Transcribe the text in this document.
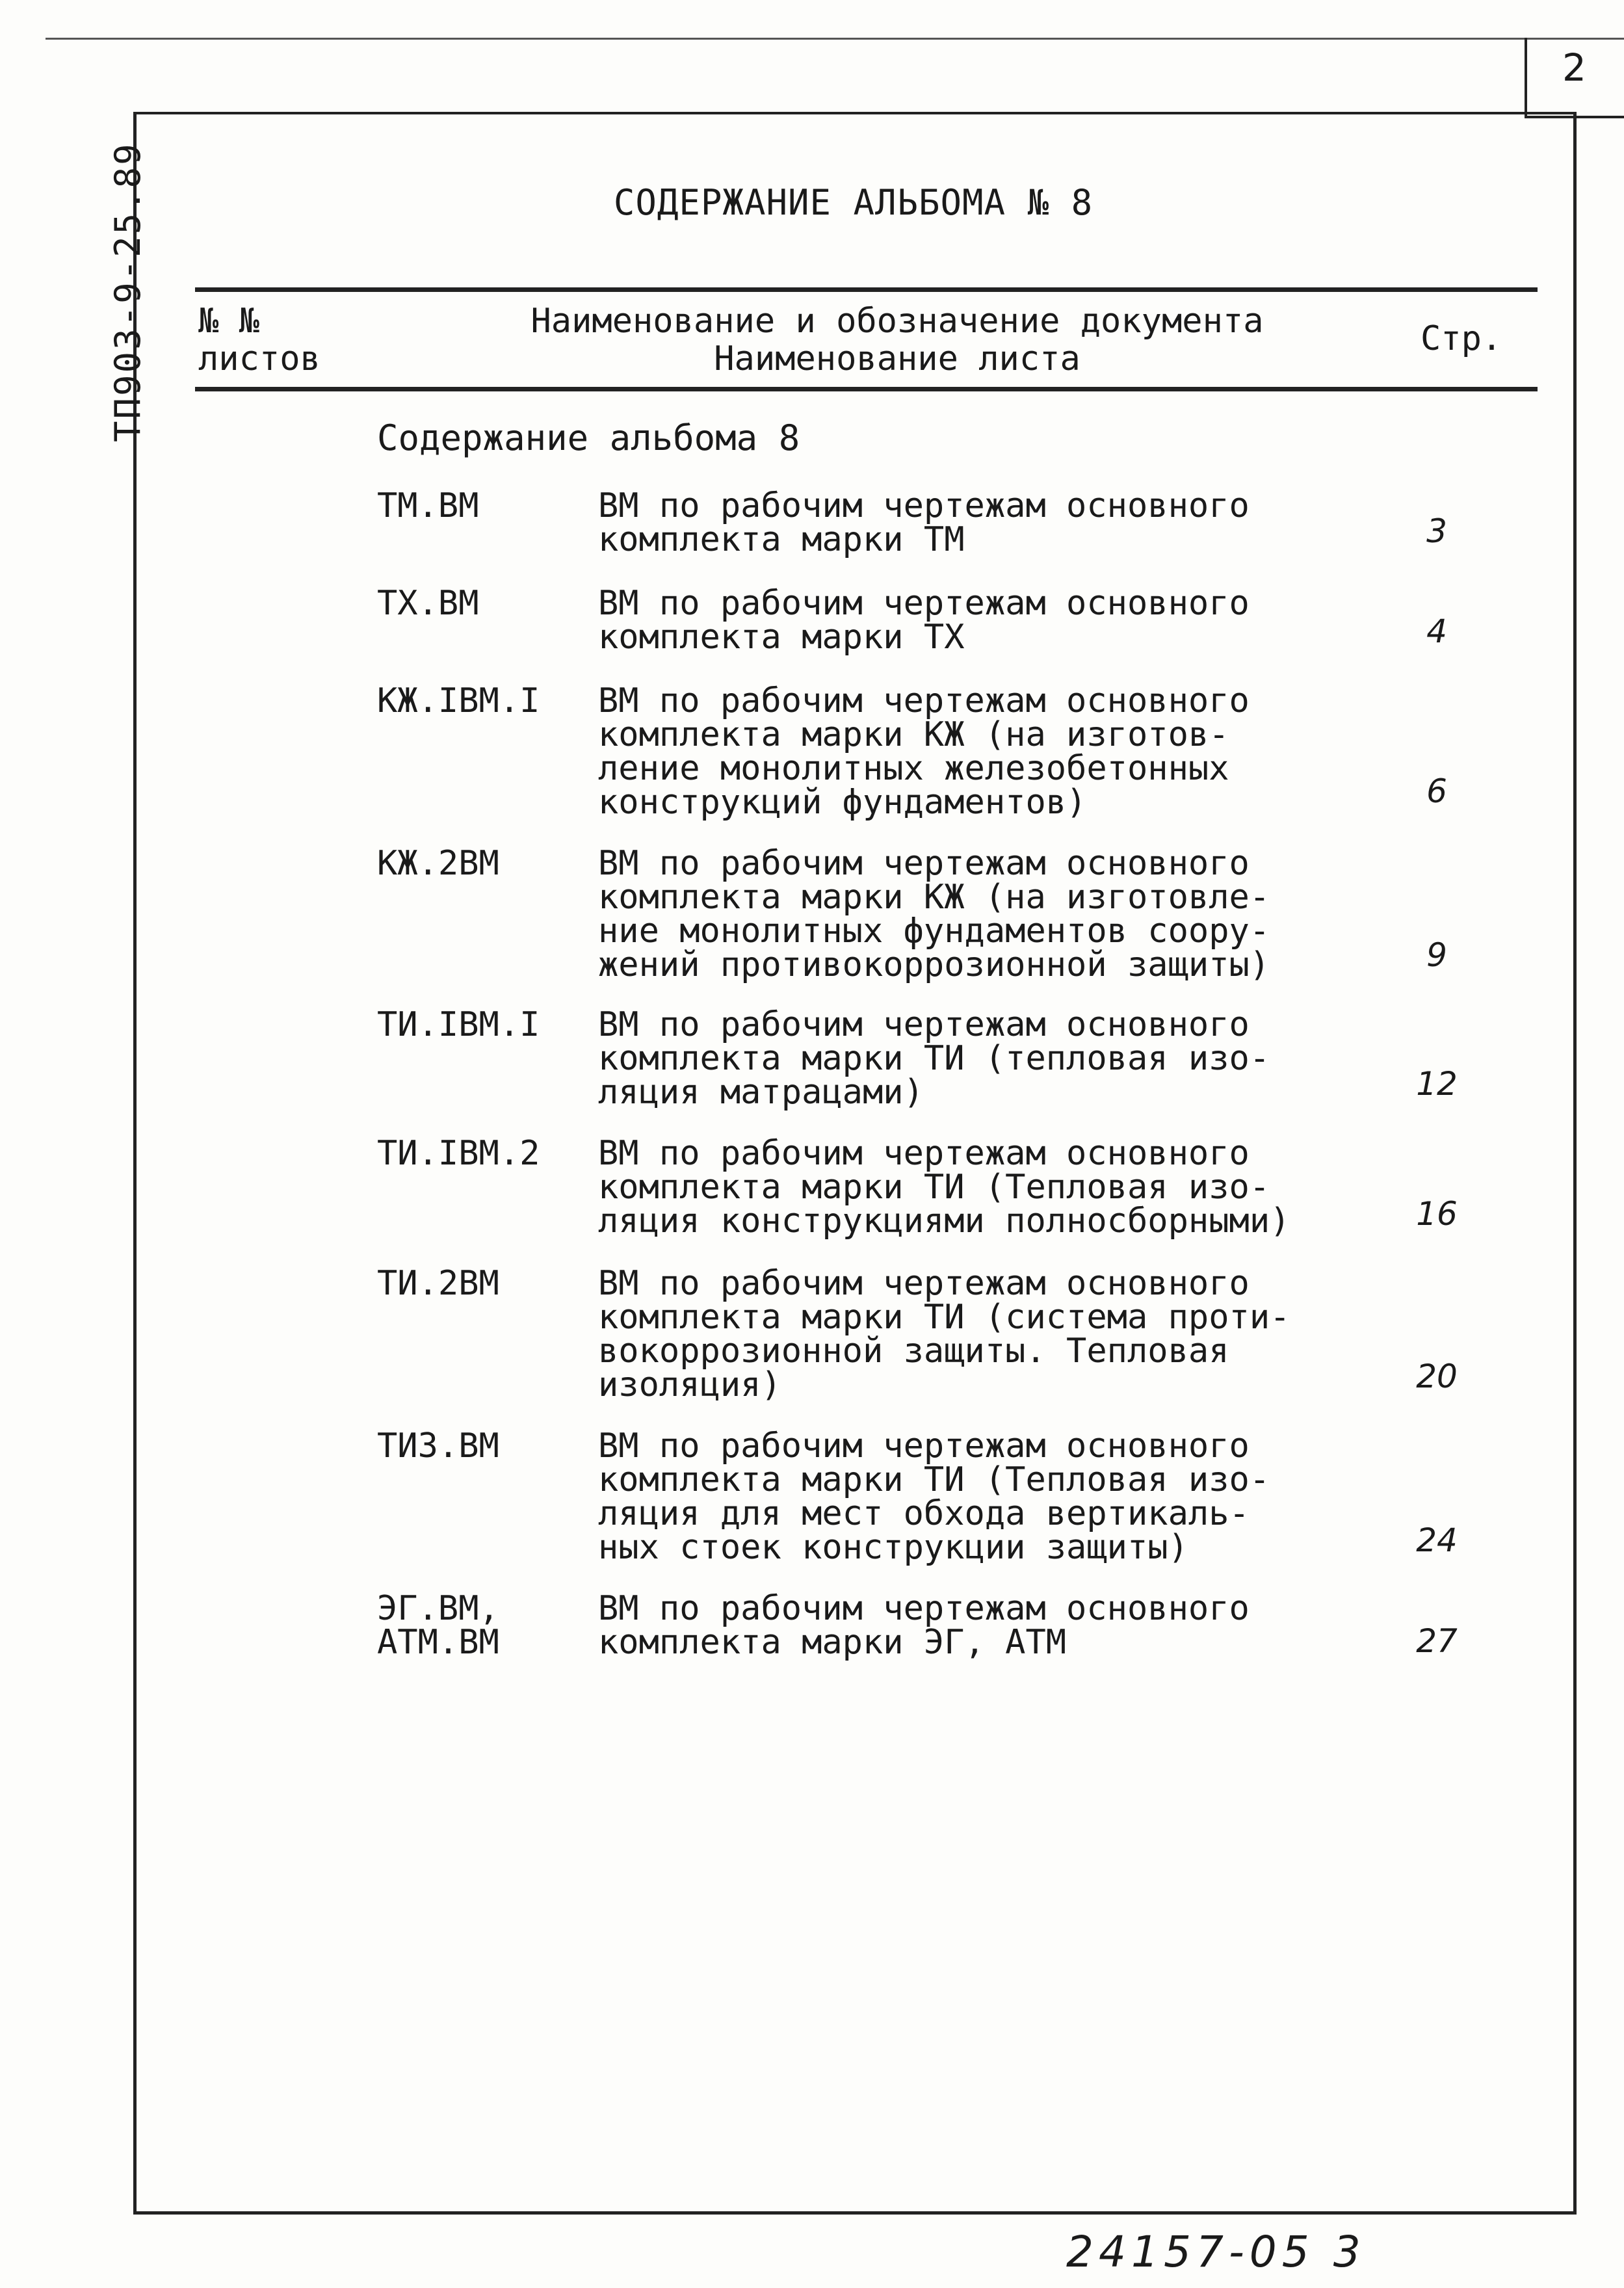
2
ТП903-9-25.89	СОДЕРЖАНИЕ АЛЬБОМА № 8
№ №
листов
Наименование и обозначение документа
Наименование листа
Стр.
Содержание альбома 8
ТМ.ВМ	ВМ по рабочим чертежам основного
комплекта марки ТМ	3
ТХ.ВМ	ВМ по рабочим чертежам основного
комплекта марки ТХ	4
КЖ.IВМ.I ВМ по рабочим чертежам основного
комплекта марки КЖ (на изготов-
ление монолитных железобетонных
конструкций фундаментов)	6
КЖ.2ВМ	ВМ по рабочим чертежам основного
комплекта марки КЖ (на изготовле-
ние монолитных фундаментов соору-
жений противокоррозионной защиты)	9
ТИ.IВМ.I ВМ по рабочим чертежам основного
комплекта марки ТИ (тепловая изо-
ляция матрацами)	12
ТИ.IВМ.2 ВМ по рабочим чертежам основного
комплекта марки ТИ (Тепловая изо-
ляция конструкциями полносборными)	16
ТИ.2ВМ	ВМ по рабочим чертежам основного
комплекта марки ТИ (система проти-
вокоррозионной защиты. Тепловая
изоляция)	20
ТИЗ.ВМ	ВМ по рабочим чертежам основного
комплекта марки ТИ (Тепловая изо-
ляция для мест обхода вертикаль-
ных стоек конструкции защиты)	24
ЭГ.ВМ,
АТМ.ВМ
ВМ по рабочим чертежам основного
комплекта марки ЭГ, АТМ	27
24157-05 3
